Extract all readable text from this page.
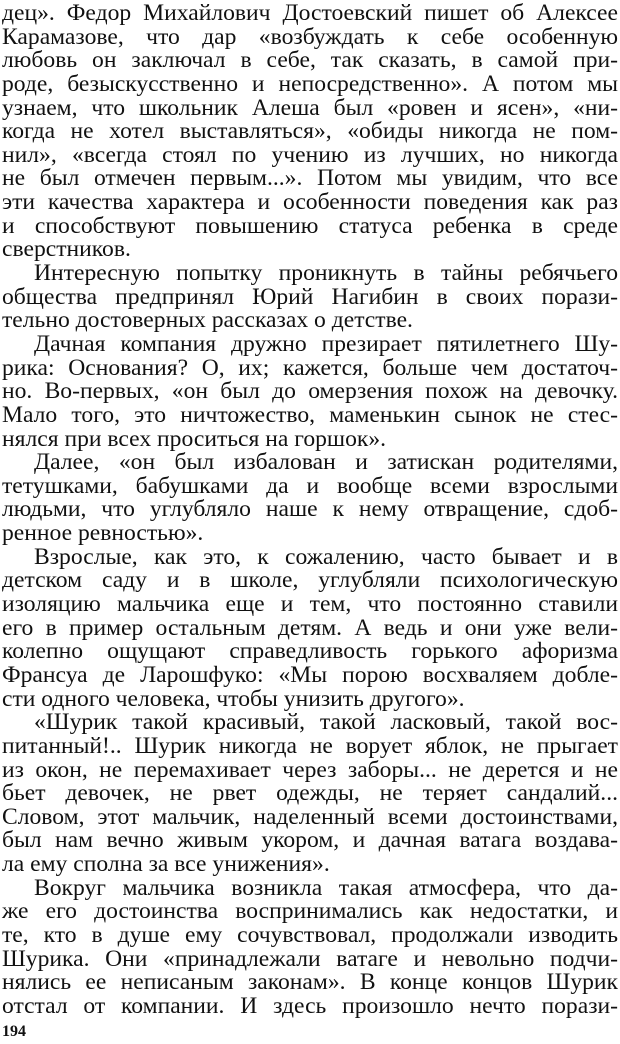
дец». Федор Михайлович Достоевский пишет об Алексее
Карамазове, что дар «возбуждать к себе особенную
любовь он заключал в себе, так сказать, в самой при-
роде, безыскусственно и непосредственно». А потом мы
узнаем, что школьник Алеша был «ровен и ясен», «ни-
когда не хотел выставляться», «обиды никогда не пом-
нил», «всегда стоял по учению из лучших, но никогда
не был отмечен первым...». Потом мы увидим, что все
эти качества характера и особенности поведения как раз
и способствуют повышению статуса ребенка в среде
сверстников.
Интересную попытку проникнуть в тайны ребячьего
общества предпринял Юрий Нагибин в своих порази-
тельно достоверных рассказах о детстве.
Дачная компания дружно презирает пятилетнего Шу-
рика: Основания? О, их; кажется, больше чем достаточ-
но. Во-первых, «он был до омерзения похож на девочку.
Мало того, это ничтожество, маменькин сынок не стес-
нялся при всех проситься на горшок».
Далее, «он был избалован и затискан родителями,
тетушками, бабушками да и вообще всеми взрослыми
людьми, что углубляло наше к нему отвращение, сдоб-
ренное ревностью».
Взрослые, как это, к сожалению, часто бывает и в
детском саду и в школе, углубляли психологическую
изоляцию мальчика еще и тем, что постоянно ставили
его в пример остальным детям. А ведь и они уже вели-
колепно ощущают справедливость горького афоризма
Франсуа де Ларошфуко: «Мы порою восхваляем добле-
сти одного человека, чтобы унизить другого».
«Шурик такой красивый, такой ласковый, такой вос-
питанный!.. Шурик никогда не ворует яблок, не прыгает
из окон, не перемахивает через заборы... не дерется и не
бьет девочек, не рвет одежды, не теряет сандалий...
Словом, этот мальчик, наделенный всеми достоинствами,
был нам вечно живым укором, и дачная ватага воздава-
ла ему сполна за все унижения».
Вокруг мальчика возникла такая атмосфера, что да-
же его достоинства воспринимались как недостатки, и
те, кто в душе ему сочувствовал, продолжали изводить
Шурика. Они «принадлежали ватаге и невольно подчи-
нялись ее неписаным законам». В конце концов Шурик
отстал от компании. И здесь произошло нечто порази-
194
